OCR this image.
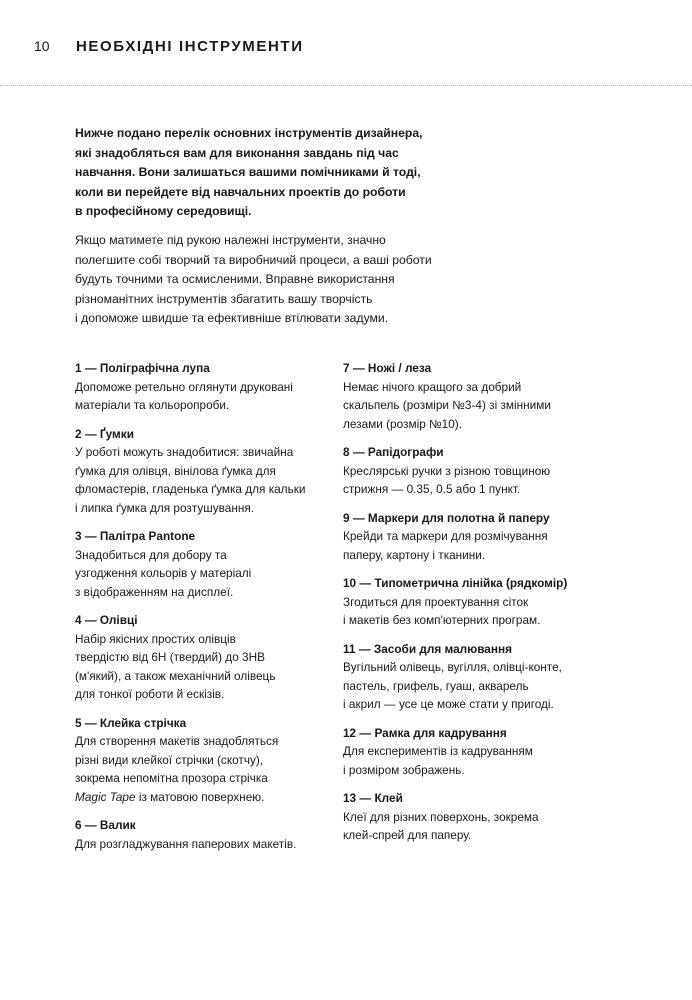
10	НЕОБХІДНІ ІНСТРУМЕНТИ

Нижче подано перелік основних інструментів дизайнера,
які знадобляться вам для виконання завдань під час
навчання. Вони залишаться вашими помічниками й тоді,
коли ви перейдете від навчальних проектів до роботи
в професійному середовищі.

Якщо матимете під рукою належні інструменти, значно
полегшите собі творчий та виробничий процеси, а ваші роботи
будуть точними та осмисленими. Вправне використання
різноманітних інструментів збагатить вашу творчість
і допоможе швидше та ефективніше втілювати задуми.

1 — Поліграфічна лупа

Допоможе ретельно оглянути друковані
матеріали та кольоропроби.

2 — Ґумки

У роботі можуть знадобитися: звичайна
ґумка для олівця, вінілова ґумка для
фломастерів, гладенька ґумка для кальки
і липка ґумка для розтушування.

3 — Палітра Pantone

Знадобиться для добору та
узгодження кольорів у матеріалі
з відображенням на дисплеї.

4 — Олівці

Набір якісних простих олівців
твердістю від 6Н (твердий) до 3НВ
(м'який), а також механічний олівець
для тонкої роботи й ескізів.

5 — Клейка стрічка

Для створення макетів знадобляться
різні види клейкої стрічки (скотчу),
зокрема непомітна прозора стрічка
Magic Tape із матовою поверхнею.

6 — Валик

Для розгладжування паперових макетів.

7 — Ножі / леза

Немає нічого кращого за добрий
скальпель (розміри №3-4) зі змінними
лезами (розмір №10).

8 — Рапідографи

Креслярські ручки з різною товщиною
стрижня — 0.35, 0.5 або 1 пункт.

9 — Маркери для полотна й паперу

Крейди та маркери для розмічування
паперу, картону і тканини.

10 — Типометрична лінійка (рядкомір)

Згодиться для проектування сіток
і макетів без комп'ютерних програм.

11 — Засоби для малювання

Вугільний олівець, вугілля, олівці-конте,
пастель, грифель, гуаш, акварель
і акрил — усе це може стати у пригоді.

12 — Рамка для кадрування

Для експериментів із кадруванням
і розміром зображень.

13 — Клей

Клеї для різних поверхонь, зокрема
клей-спрей для паперу.
